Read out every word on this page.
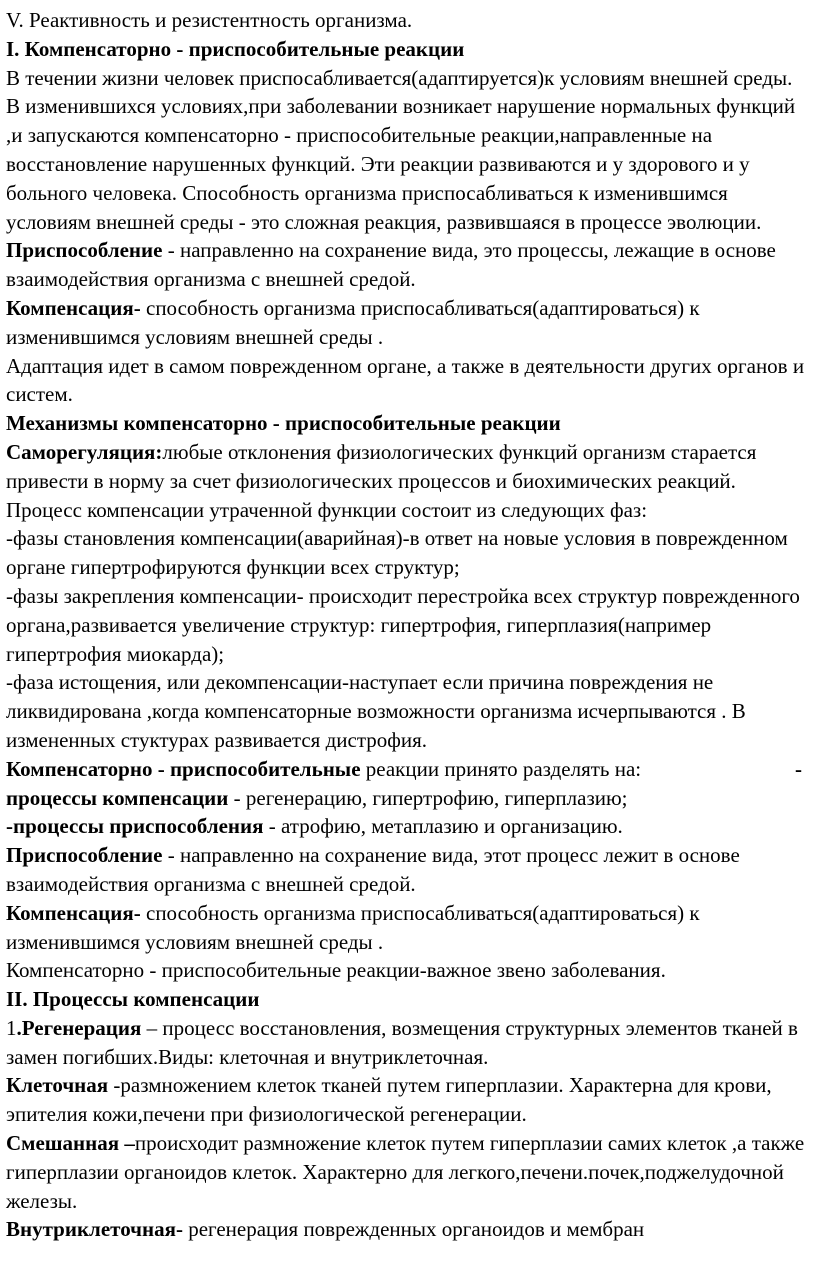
V. Реактивность и резистентность организма.

I. Компенсаторно - приспособительные реакции

В течении жизни человек приспосабливается(адаптируется)к условиям внешней среды. В изменившихся условиях,при заболевании возникает нарушение нормальных функций ,и запускаются компенсаторно - приспособительные реакции,направленные на восстановление нарушенных функций. Эти реакции развиваются и у здорового и у больного человека. Способность организма приспосабливаться к изменившимся условиям внешней среды - это сложная реакция, развившаяся в процессе эволюции.

Приспособление - направленно на сохранение вида, это процессы, лежащие в основе взаимодействия организма с внешней средой.

Компенсация- способность организма приспосабливаться(адаптироваться) к изменившимся условиям внешней среды .

Адаптация идет в самом поврежденном органе, а также в деятельности других органов и систем.

Механизмы компенсаторно - приспособительные реакции

Саморегуляция:любые отклонения физиологических функций организм старается привести в норму за счет физиологических процессов и биохимических реакций.

Процесс компенсации утраченной функции состоит из следующих фаз:

-фазы становления компенсации(аварийная)-в ответ на новые условия в поврежденном органе гипертрофируются функции всех структур;

-фазы закрепления компенсации- происходит перестройка всех структур поврежденного органа,развивается увеличение структур: гипертрофия, гиперплазия(например гипертрофия миокарда);

-фаза истощения, или декомпенсации-наступает если причина повреждения не ликвидирована ,когда компенсаторные возможности организма исчерпываются . В измененных стуктурах развивается дистрофия.

-
Компенсаторно - приспособительные реакции принято разделять на:

процессы компенсации - регенерацию, гипертрофию, гиперплазию;

-процессы приспособления - атрофию, метаплазию и организацию.

Приспособление - направленно на сохранение вида, этот процесс лежит в основе взаимодействия организма с внешней средой.

Компенсация- способность организма приспосабливаться(адаптироваться) к изменившимся условиям внешней среды .

Компенсаторно - приспособительные реакции-важное звено заболевания.

II. Процессы компенсации

1.Регенерация – процесс восстановления, возмещения структурных элементов тканей в замен погибших.Виды: клеточная и внутриклеточная.

Клеточная -размножением клеток тканей путем гиперплазии. Характерна для крови, эпителия кожи,печени при физиологической регенерации.

Смешанная –происходит размножение клеток путем гиперплазии самих клеток ,а также гиперплазии органоидов клеток. Характерно для легкого,печени.почек,поджелудочной железы.

Внутриклеточная- регенерация поврежденных органоидов и мембран
